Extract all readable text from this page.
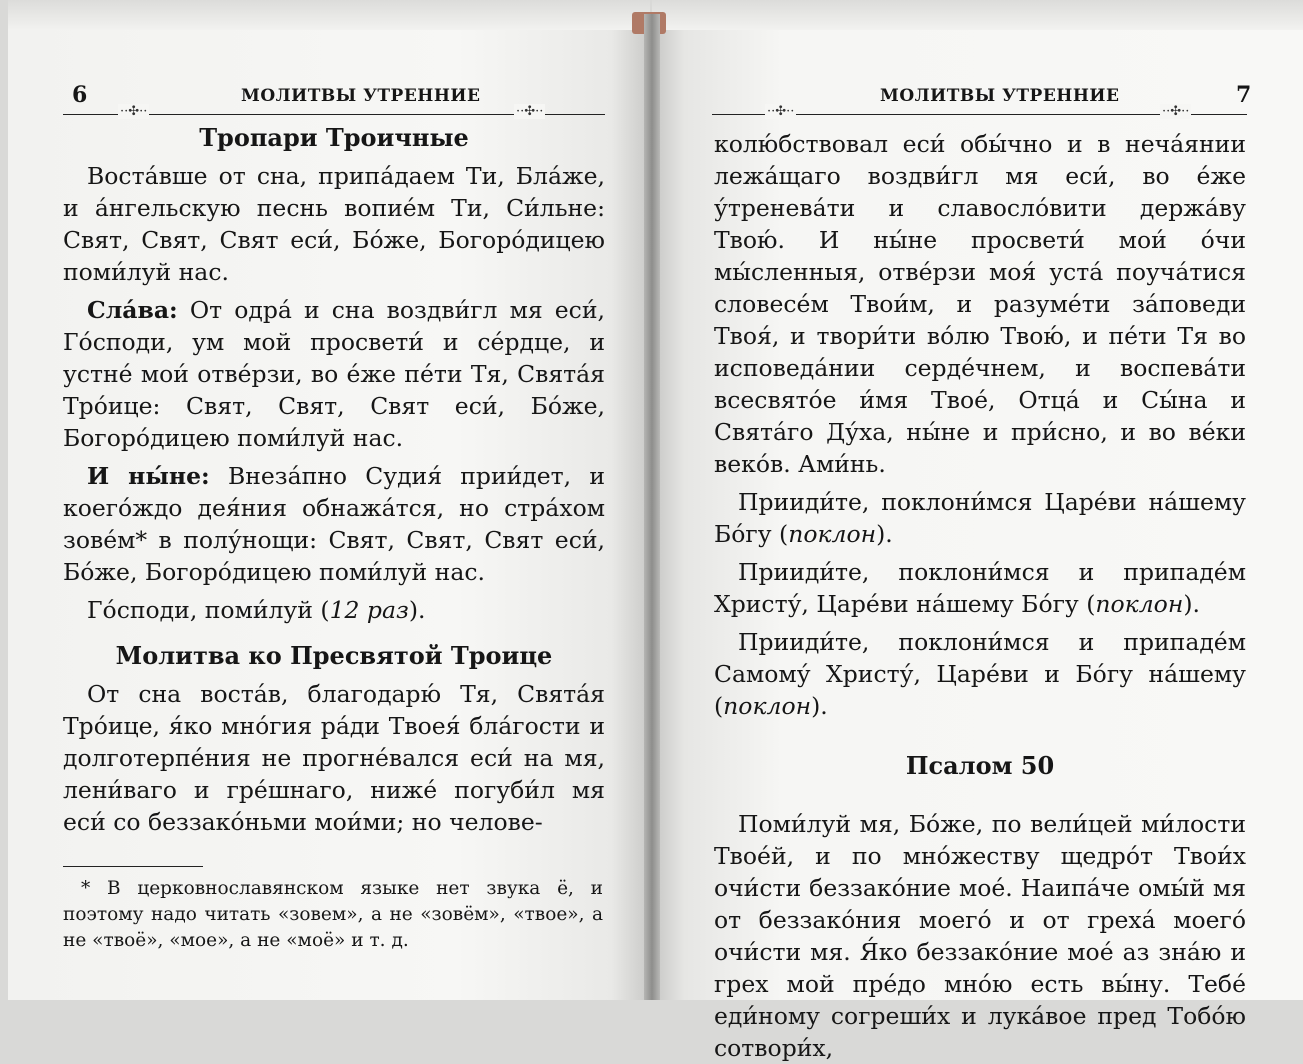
6	МОЛИТВЫ УТРЕННИЕ
··✣··	··✣··
Тропари Троичные

Воста́вше от сна, припа́даем Ти, Бла́же, и а́нгельскую песнь вопие́м Ти, Си́льне: Свят, Свят, Свят еси́, Бо́же, Богоро́дицею поми́луй нас.

Сла́ва: От одра́ и сна воздви́гл мя еси́, Го́споди, ум мой просвети́ и се́рдце, и устне́ мои́ отве́рзи, во е́же пе́ти Тя, Свята́я Тро́ице: Свят, Свят, Свят еси́, Бо́же, Богоро́дицею поми́луй нас.

И ны́не: Внеза́пно Судия́ прии́дет, и коего́ждо дея́ния обнажа́тся, но стра́хом зове́м* в полу́нощи: Свят, Свят, Свят еси́, Бо́же, Богоро́дицею поми́луй нас.

Го́споди, поми́луй (12 раз).

Молитва ко Пресвятой Троице

От сна воста́в, благодарю́ Тя, Свята́я Тро́ице, я́ко мно́гия ра́ди Твоея́ бла́гости и долготерпе́ния не прогне́вался еси́ на мя, лени́ваго и гре́шнаго, ниже́ погуби́л мя еси́ со беззако́ньми мои́ми; но челове-

* В церковнославянском языке нет звука ё, и поэтому надо читать «зовем», а не «зовём», «твое», а не «твоё», «мое», а не «моё» и т. д.

МОЛИТВЫ УТРЕННИЕ	7
··✣··	··✣··

колю́бствовал еси́ обы́чно и в неча́янии лежа́щаго воздви́гл мя еси́, во е́же у́тренева́ти и славосло́вити держа́ву Твою́. И ны́не просвети́ мои́ о́чи мы́сленныя, отве́рзи моя́ уста́ поуча́тися словесе́м Твои́м, и разуме́ти за́поведи Твоя́, и твори́ти во́лю Твою́, и пе́ти Тя во исповеда́нии серде́чнем, и воспева́ти всесвято́е и́мя Твое́, Отца́ и Сы́на и Свята́го Ду́ха, ны́не и при́сно, и во ве́ки веко́в. Ами́нь.

Прииди́те, поклони́мся Царе́ви на́шему Бо́гу (поклон).

Прииди́те, поклони́мся и припаде́м Христу́, Царе́ви на́шему Бо́гу (поклон).

Прииди́те, поклони́мся и припаде́м Самому́ Христу́, Царе́ви и Бо́гу на́шему (поклон).

Псалом 50

Поми́луй мя, Бо́же, по вели́цей ми́лости Твое́й, и по мно́жеству щедро́т Твои́х очи́сти беззако́ние мое́. Наипа́че омы́й мя от беззако́ния моего́ и от греха́ моего́ очи́сти мя. Я́ко беззако́ние мое́ аз зна́ю и грех мой пре́до мно́ю есть вы́ну. Тебе́ еди́ному согреши́х и лука́вое пред Тобо́ю сотвори́х,
